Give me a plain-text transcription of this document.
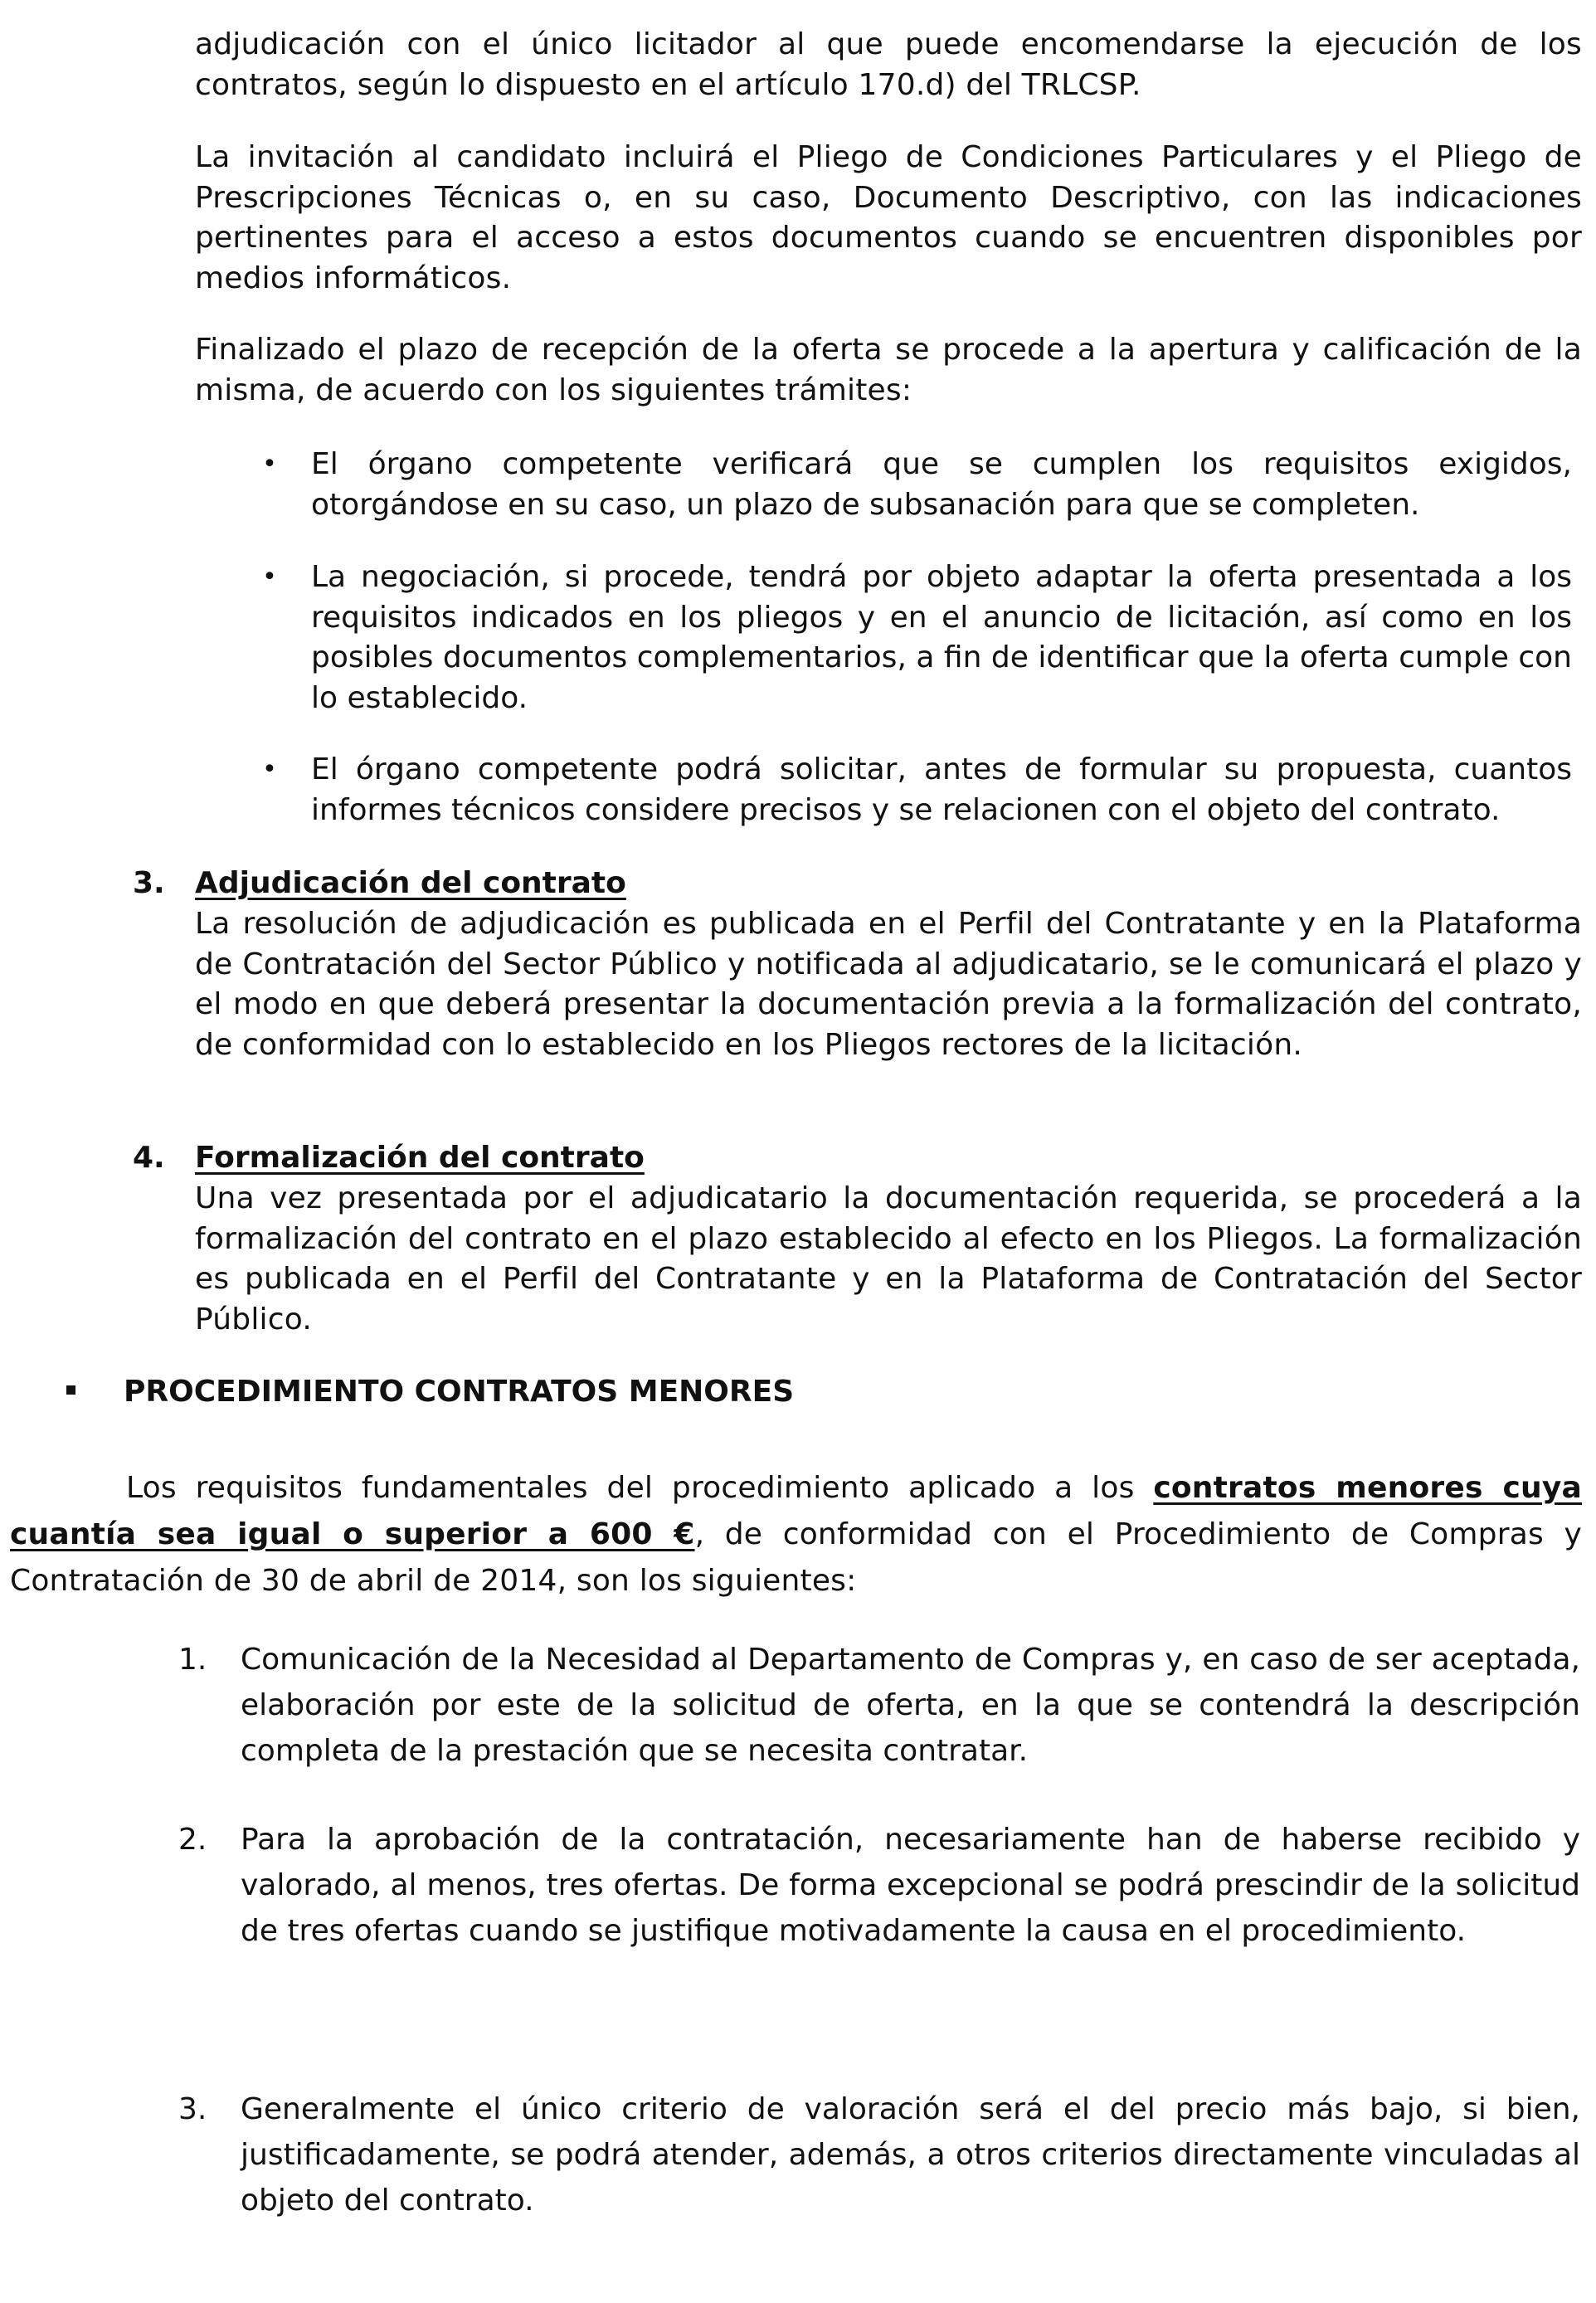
adjudicación con el único licitador al que puede encomendarse la ejecución de los contratos, según lo dispuesto en el artículo 170.d) del TRLCSP.
La invitación al candidato incluirá el Pliego de Condiciones Particulares y el Pliego de Prescripciones Técnicas o, en su caso, Documento Descriptivo, con las indicaciones pertinentes para el acceso a estos documentos cuando se encuentren disponibles por medios informáticos.
Finalizado el plazo de recepción de la oferta se procede a la apertura y calificación de la misma, de acuerdo con los siguientes trámites:
•	El órgano competente verificará que se cumplen los requisitos exigidos, otorgándose en su caso, un plazo de subsanación para que se completen.
•	La negociación, si procede, tendrá por objeto adaptar la oferta presentada a los requisitos indicados en los pliegos y en el anuncio de licitación, así como en los posibles documentos complementarios, a fin de identificar que la oferta cumple con lo establecido.
•	El órgano competente podrá solicitar, antes de formular su propuesta, cuantos informes técnicos considere precisos y se relacionen con el objeto del contrato.
3. Adjudicación del contrato
La resolución de adjudicación es publicada en el Perfil del Contratante y en la Plataforma de Contratación del Sector Público y notificada al adjudicatario, se le comunicará el plazo y el modo en que deberá presentar la documentación previa a la formalización del contrato, de conformidad con lo establecido en los Pliegos rectores de la licitación.
4. Formalización del contrato
Una vez presentada por el adjudicatario la documentación requerida, se procederá a la formalización del contrato en el plazo establecido al efecto en los Pliegos. La formalización es publicada en el Perfil del Contratante y en la Plataforma de Contratación del Sector Público.
PROCEDIMIENTO CONTRATOS MENORES
Los requisitos fundamentales del procedimiento aplicado a los contratos menores cuya cuantía sea igual o superior a 600 €, de conformidad con el Procedimiento de Compras y Contratación de 30 de abril de 2014, son los siguientes:
1.	Comunicación de la Necesidad al Departamento de Compras y, en caso de ser aceptada, elaboración por este de la solicitud de oferta, en la que se contendrá la descripción completa de la prestación que se necesita contratar.
2.	Para la aprobación de la contratación, necesariamente han de haberse recibido y valorado, al menos, tres ofertas. De forma excepcional se podrá prescindir de la solicitud de tres ofertas cuando se justifique motivadamente la causa en el procedimiento.
3.	Generalmente el único criterio de valoración será el del precio más bajo, si bien, justificadamente, se podrá atender, además, a otros criterios directamente vinculadas al objeto del contrato.
